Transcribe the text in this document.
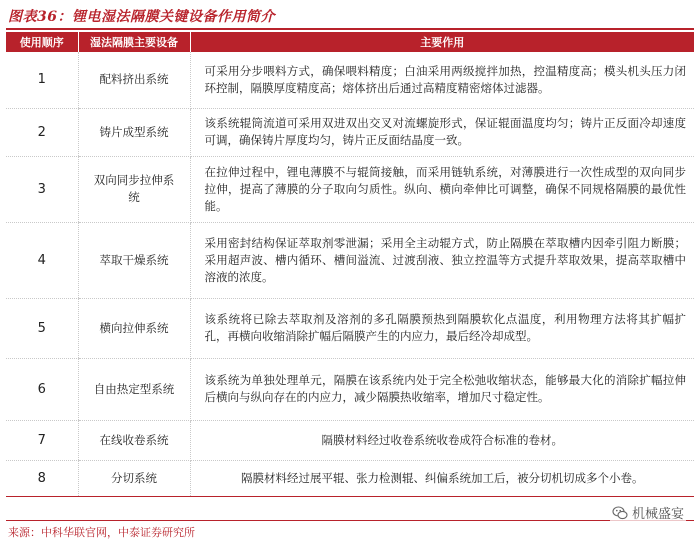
图表36：锂电湿法隔膜关键设备作用简介
使用顺序	湿法隔膜主要设备	主要作用
1	配料挤出系统	可采用分步喂料方式，确保喂料精度；白油采用两级搅拌加热，控温精度高；模头机头压力闭环控制，隔膜厚度精度高；熔体挤出后通过高精度精密熔体过滤器。
2	铸片成型系统	该系统辊筒流道可采用双进双出交叉对流螺旋形式，保证辊面温度均匀；铸片正反面冷却速度可调，确保铸片厚度均匀，铸片正反面结晶度一致。
3	双向同步拉伸系统	在拉伸过程中，锂电薄膜不与辊筒接触，而采用链轨系统，对薄膜进行一次性成型的双向同步拉伸，提高了薄膜的分子取向匀质性。纵向、横向牵伸比可调整，确保不同规格隔膜的最优性能。
4	萃取干燥系统	采用密封结构保证萃取剂零泄漏；采用全主动辊方式，防止隔膜在萃取槽内因牵引阻力断膜；采用超声波、槽内循环、槽间溢流、过渡刮液、独立控温等方式提升萃取效果，提高萃取槽中溶液的浓度。
5	横向拉伸系统	该系统将已除去萃取剂及溶剂的多孔隔膜预热到隔膜软化点温度，利用物理方法将其扩幅扩孔，再横向收缩消除扩幅后隔膜产生的内应力，最后经冷却成型。
6	自由热定型系统	该系统为单独处理单元，隔膜在该系统内处于完全松弛收缩状态，能够最大化的消除扩幅拉伸后横向与纵向存在的内应力，减少隔膜热收缩率，增加尺寸稳定性。
7	在线收卷系统	隔膜材料经过收卷系统收卷成符合标准的卷材。
8	分切系统	隔膜材料经过展平辊、张力检测辊、纠偏系统加工后，被分切机切成多个小卷。
来源：中科华联官网，中泰证券研究所
机械盛宴
